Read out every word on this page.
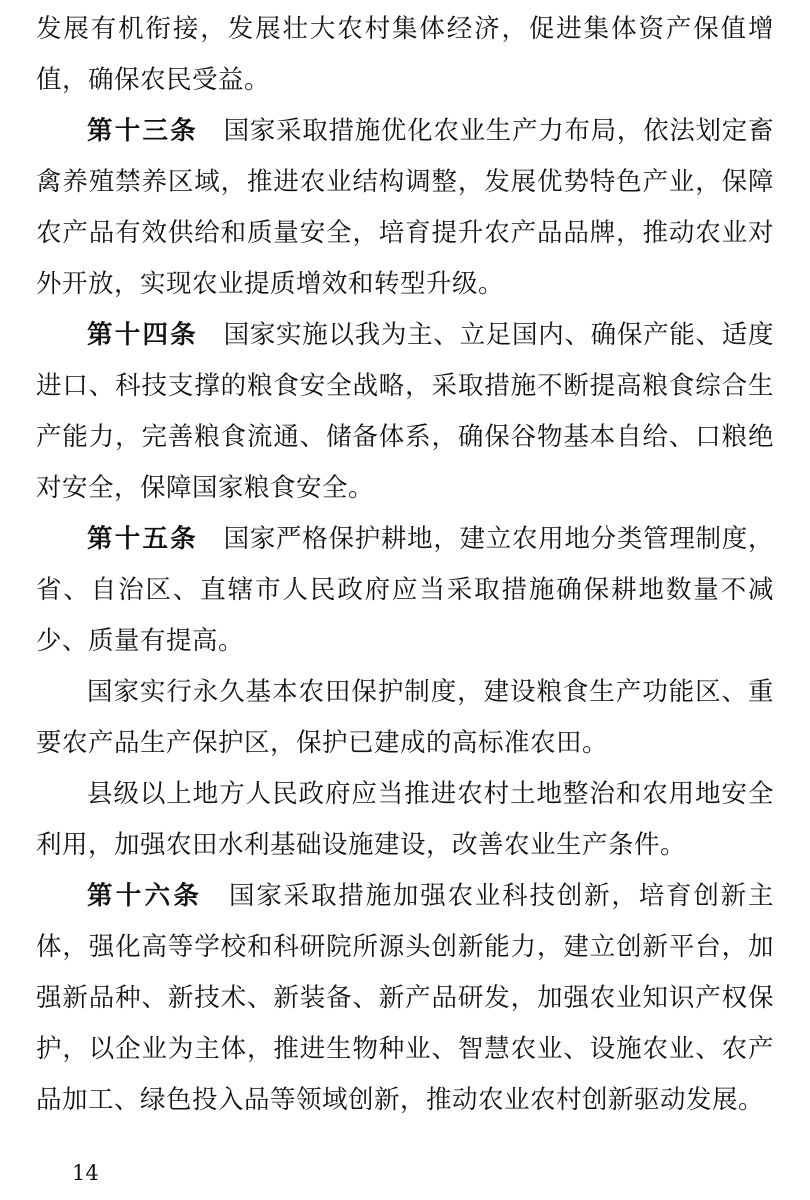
发展有机衔接，发展壮大农村集体经济，促进集体资产保值增值，确保农民受益。

第十三条 国家采取措施优化农业生产力布局，依法划定畜禽养殖禁养区域，推进农业结构调整，发展优势特色产业，保障农产品有效供给和质量安全，培育提升农产品品牌，推动农业对外开放，实现农业提质增效和转型升级。

第十四条 国家实施以我为主、立足国内、确保产能、适度进口、科技支撑的粮食安全战略，采取措施不断提高粮食综合生产能力，完善粮食流通、储备体系，确保谷物基本自给、口粮绝对安全，保障国家粮食安全。

第十五条 国家严格保护耕地，建立农用地分类管理制度，省、自治区、直辖市人民政府应当采取措施确保耕地数量不减少、质量有提高。

国家实行永久基本农田保护制度，建设粮食生产功能区、重要农产品生产保护区，保护已建成的高标准农田。

县级以上地方人民政府应当推进农村土地整治和农用地安全利用，加强农田水利基础设施建设，改善农业生产条件。

第十六条 国家采取措施加强农业科技创新，培育创新主体，强化高等学校和科研院所源头创新能力，建立创新平台，加强新品种、新技术、新装备、新产品研发，加强农业知识产权保护，以企业为主体，推进生物种业、智慧农业、设施农业、农产品加工、绿色投入品等领域创新，推动农业农村创新驱动发展。

14
